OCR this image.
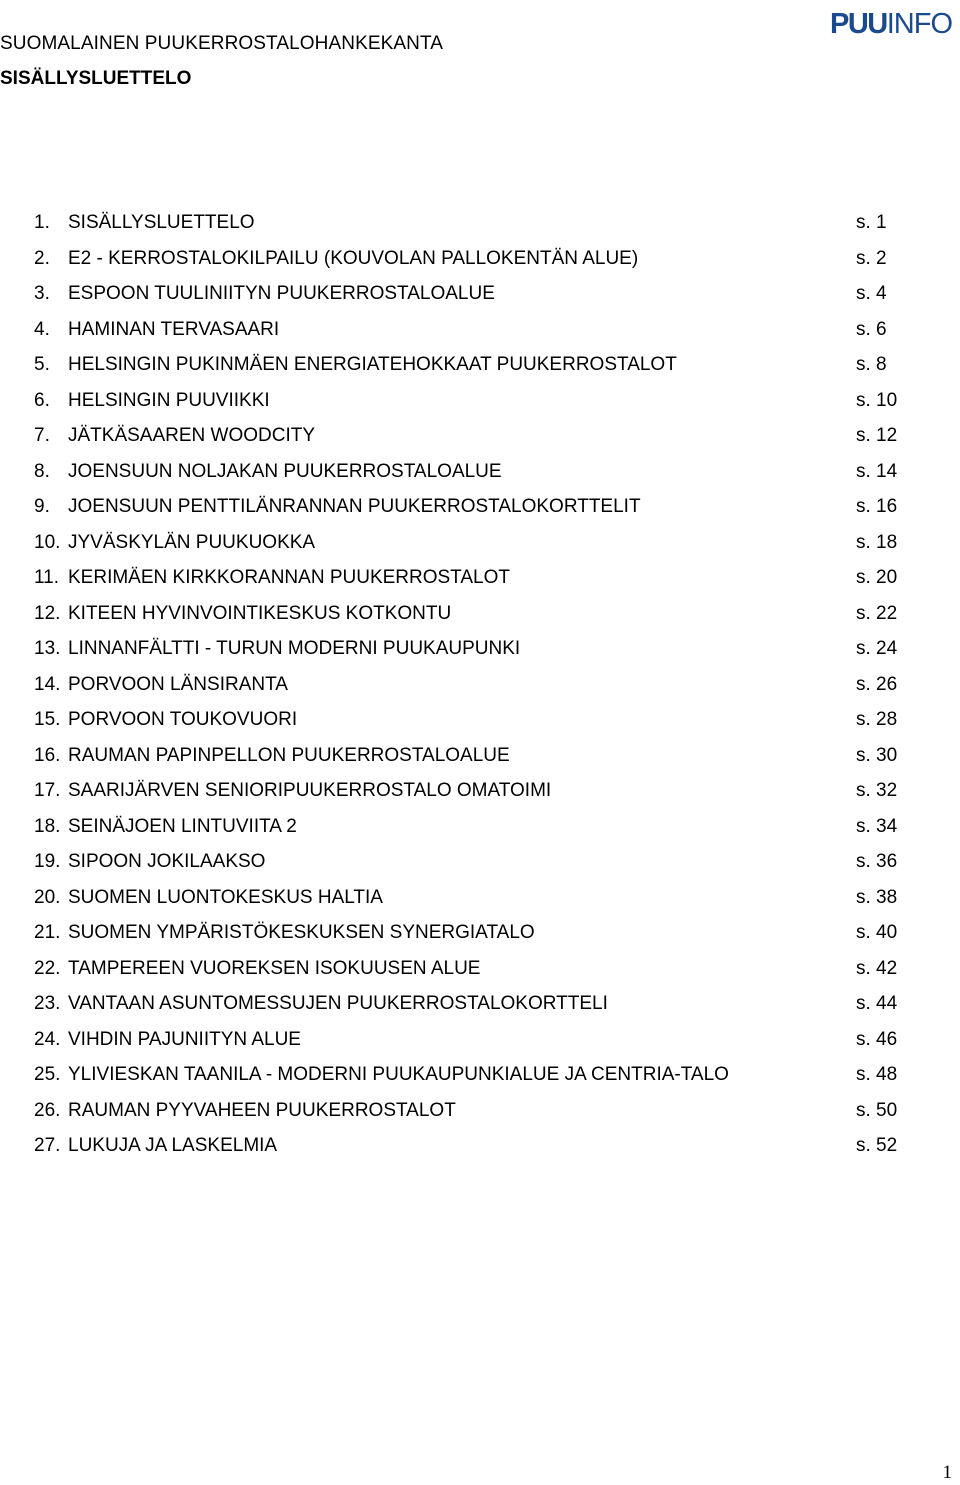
SUOMALAINEN PUUKERROSTALOHANKEKANTA
SISÄLLYSLUETTELO
PUUINFO
1. SISÄLLYSLUETTELO	s. 1
2. E2 - KERROSTALOKILPAILU (KOUVOLAN PALLOKENTÄN ALUE)	s. 2
3. ESPOON TUULINIITYN PUUKERROSTALOALUE	s. 4
4. HAMINAN TERVASAARI	s. 6
5. HELSINGIN PUKINMÄEN ENERGIATEHOKKAAT PUUKERROSTALOT	s. 8
6. HELSINGIN PUUVIIKKI	s. 10
7. JÄTKÄSAAREN WOODCITY	s. 12
8. JOENSUUN NOLJAKAN PUUKERROSTALOALUE	s. 14
9. JOENSUUN PENTTILÄNRANNAN PUUKERROSTALOKORTTELIT	s. 16
10. JYVÄSKYLÄN PUUKUOKKA	s. 18
11. KERIMÄEN KIRKKORANNAN PUUKERROSTALOT	s. 20
12. KITEEN HYVINVOINTIKESKUS KOTKONTU	s. 22
13. LINNANFÄLTTI - TURUN MODERNI PUUKAUPUNKI	s. 24
14. PORVOON LÄNSIRANTA	s. 26
15. PORVOON TOUKOVUORI	s. 28
16. RAUMAN PAPINPELLON PUUKERROSTALOALUE	s. 30
17. SAARIJÄRVEN SENIORIPUUKERROSTALO OMATOIMI	s. 32
18. SEINÄJOEN LINTUVIITA 2	s. 34
19. SIPOON JOKILAAKSO	s. 36
20. SUOMEN LUONTOKESKUS HALTIA	s. 38
21. SUOMEN YMPÄRISTÖKESKUKSEN SYNERGIATALO	s. 40
22. TAMPEREEN VUOREKSEN ISOKUUSEN ALUE	s. 42
23. VANTAAN ASUNTOMESSUJEN PUUKERROSTALOKORTTELI	s. 44
24. VIHDIN PAJUNIITYN ALUE	s. 46
25. YLIVIESKAN TAANILA - MODERNI PUUKAUPUNKIALUE JA CENTRIA-TALO	s. 48
26. RAUMAN PYYVAHEEN PUUKERROSTALOT	s. 50
27. LUKUJA JA LASKELMIA	s. 52
1
